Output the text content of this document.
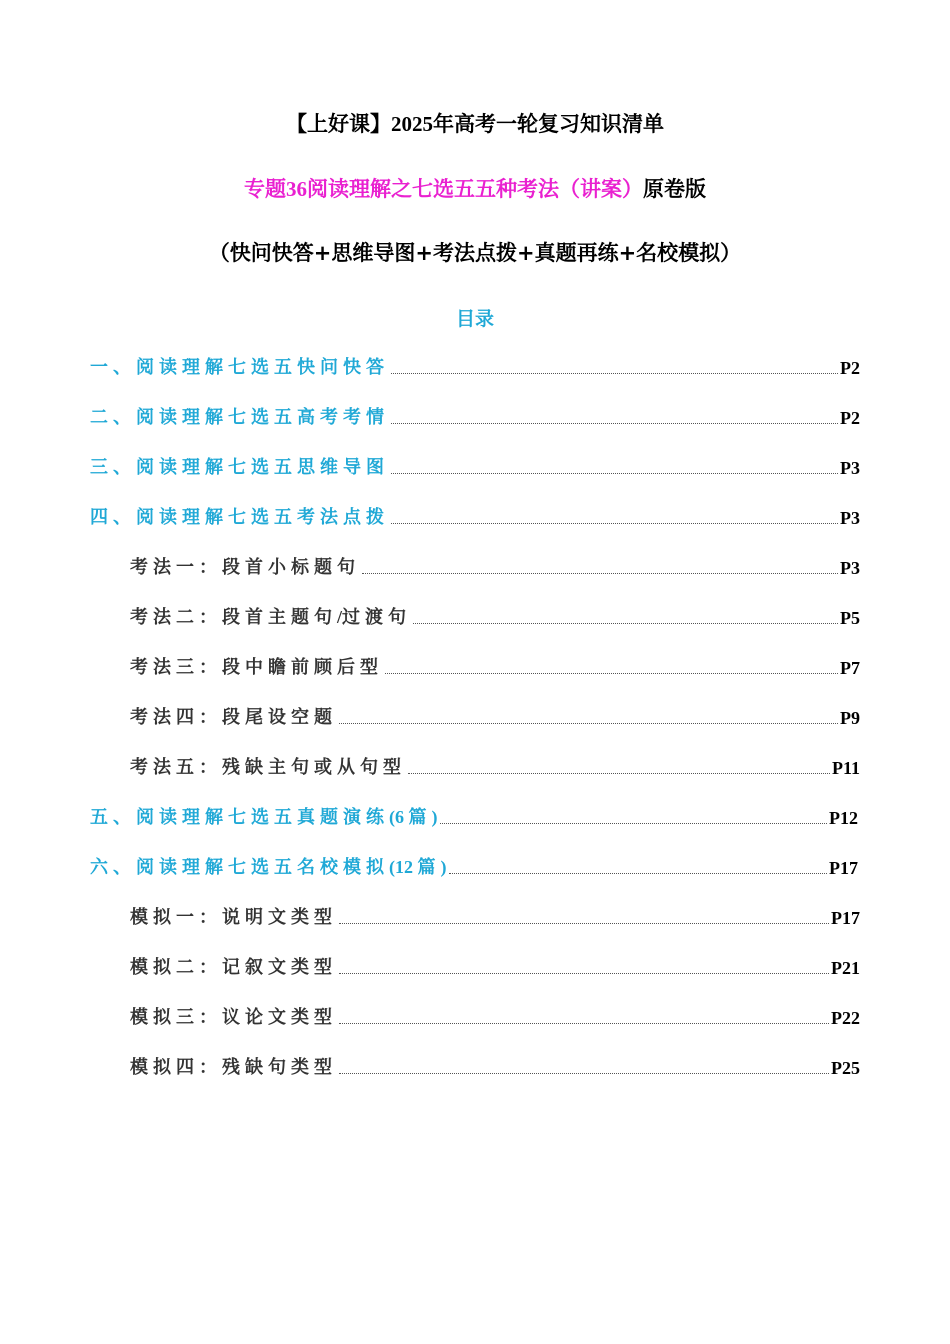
【上好课】2025年高考一轮复习知识清单
专题36阅读理解之七选五五种考法（讲案）原卷版
（快问快答+思维导图+考法点拨+真题再练+名校模拟）
目录
一、阅读理解七选五快问快答	P2
二、阅读理解七选五高考考情	P2
三、阅读理解七选五思维导图	P3
四、阅读理解七选五考法点拨	P3
考法一：段首小标题句	P3
考法二：段首主题句/过渡句	P5
考法三：段中瞻前顾后型	P7
考法四：段尾设空题	P9
考法五：残缺主句或从句型	P11
五、阅读理解七选五真题演练(6 篇)	P12
六、阅读理解七选五名校模拟(12 篇)	P17
模拟一：说明文类型	P17
模拟二：记叙文类型	P21
模拟三：议论文类型	P22
模拟四：残缺句类型	P25
